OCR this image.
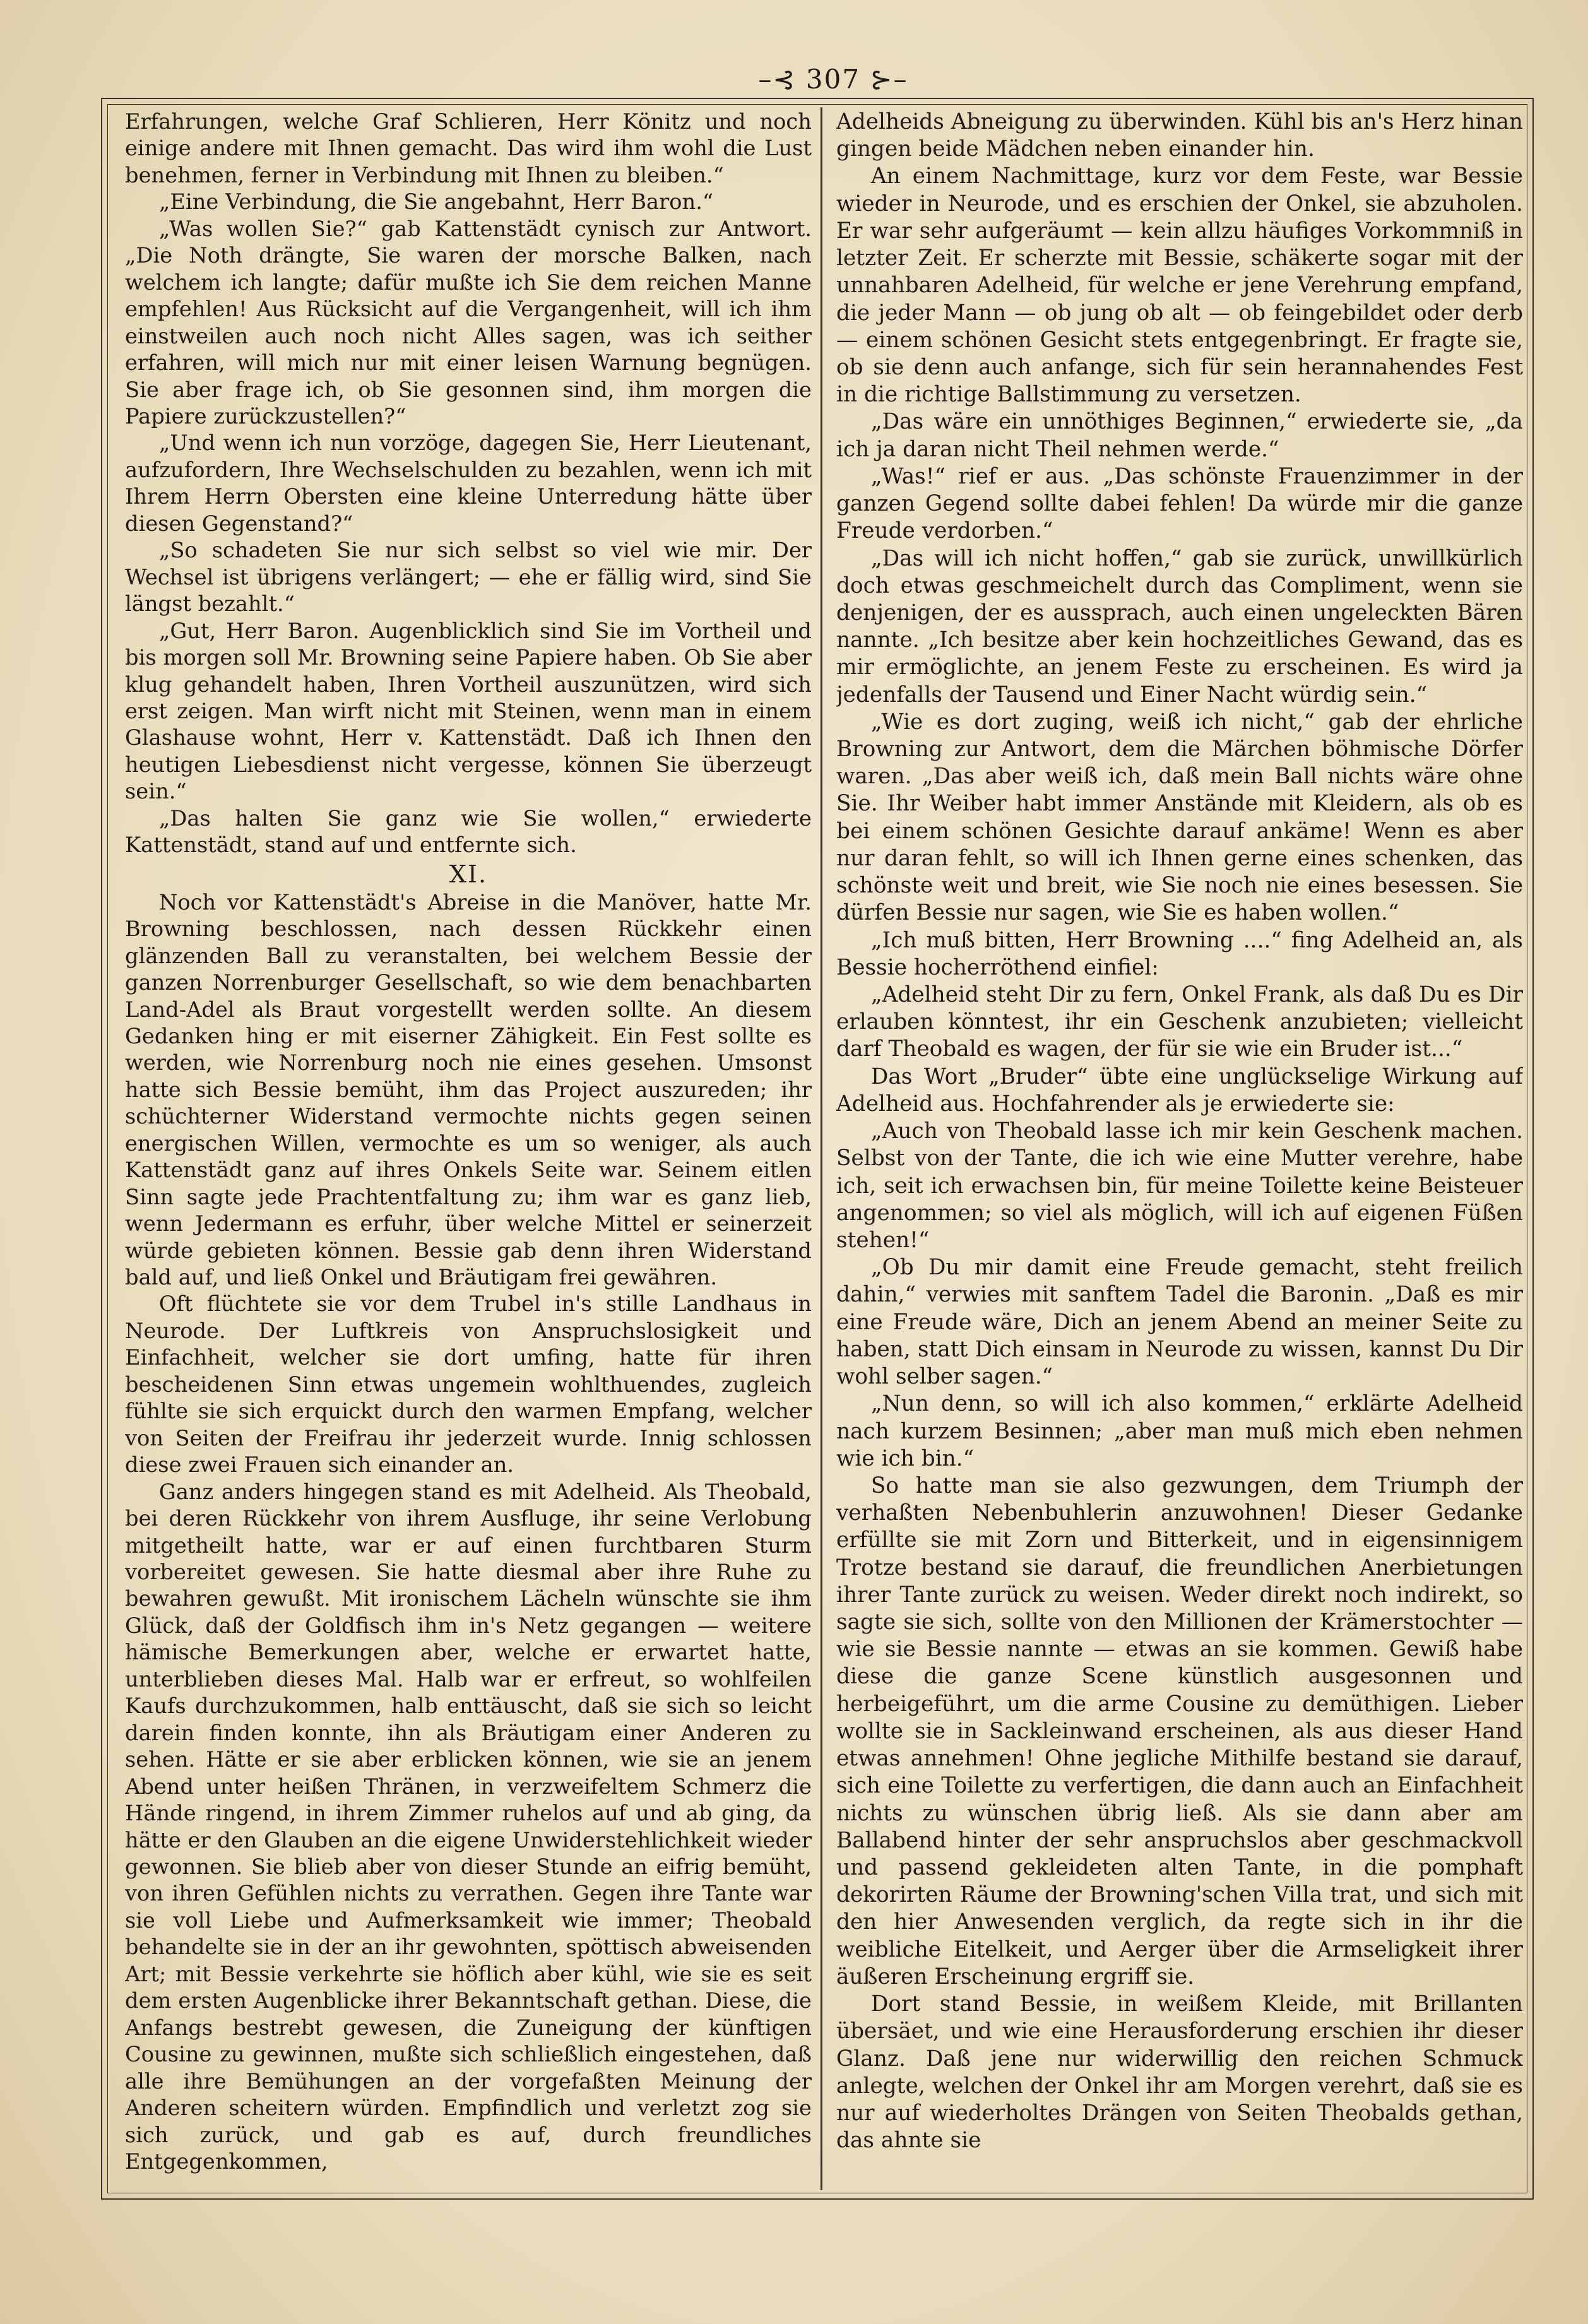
–⊰ 307 ⊱–

Erfahrungen, welche Graf Schlieren, Herr Könitz und noch einige andere mit Ihnen gemacht. Das wird ihm wohl die Lust benehmen, ferner in Verbindung mit Ihnen zu bleiben.“

„Eine Verbindung, die Sie angebahnt, Herr Baron.“

„Was wollen Sie?“ gab Kattenstädt cynisch zur Antwort. „Die Noth drängte, Sie waren der morsche Balken, nach welchem ich langte; dafür mußte ich Sie dem reichen Manne empfehlen! Aus Rücksicht auf die Vergangenheit, will ich ihm einstweilen auch noch nicht Alles sagen, was ich seither erfahren, will mich nur mit einer leisen Warnung begnügen. Sie aber frage ich, ob Sie gesonnen sind, ihm morgen die Papiere zurückzustellen?“

„Und wenn ich nun vorzöge, dagegen Sie, Herr Lieutenant, aufzufordern, Ihre Wechselschulden zu bezahlen, wenn ich mit Ihrem Herrn Obersten eine kleine Unterredung hätte über diesen Gegenstand?“

„So schadeten Sie nur sich selbst so viel wie mir. Der Wechsel ist übrigens verlängert; — ehe er fällig wird, sind Sie längst bezahlt.“

„Gut, Herr Baron. Augenblicklich sind Sie im Vortheil und bis morgen soll Mr. Browning seine Papiere haben. Ob Sie aber klug gehandelt haben, Ihren Vortheil auszunützen, wird sich erst zeigen. Man wirft nicht mit Steinen, wenn man in einem Glashause wohnt, Herr v. Kattenstädt. Daß ich Ihnen den heutigen Liebesdienst nicht vergesse, können Sie überzeugt sein.“

„Das halten Sie ganz wie Sie wollen,“ erwiederte Kattenstädt, stand auf und entfernte sich.

XI.

Noch vor Kattenstädt's Abreise in die Manöver, hatte Mr. Browning beschlossen, nach dessen Rückkehr einen glänzenden Ball zu veranstalten, bei welchem Bessie der ganzen Norrenburger Gesellschaft, so wie dem benachbarten Land-Adel als Braut vorgestellt werden sollte. An diesem Gedanken hing er mit eiserner Zähigkeit. Ein Fest sollte es werden, wie Norrenburg noch nie eines gesehen. Umsonst hatte sich Bessie bemüht, ihm das Project auszureden; ihr schüchterner Widerstand vermochte nichts gegen seinen energischen Willen, vermochte es um so weniger, als auch Kattenstädt ganz auf ihres Onkels Seite war. Seinem eitlen Sinn sagte jede Prachtentfaltung zu; ihm war es ganz lieb, wenn Jedermann es erfuhr, über welche Mittel er seinerzeit würde gebieten können. Bessie gab denn ihren Widerstand bald auf, und ließ Onkel und Bräutigam frei gewähren.

Oft flüchtete sie vor dem Trubel in's stille Landhaus in Neurode. Der Luftkreis von Anspruchslosigkeit und Einfachheit, welcher sie dort umfing, hatte für ihren bescheidenen Sinn etwas ungemein wohlthuendes, zugleich fühlte sie sich erquickt durch den warmen Empfang, welcher von Seiten der Freifrau ihr jederzeit wurde. Innig schlossen diese zwei Frauen sich einander an.

Ganz anders hingegen stand es mit Adelheid. Als Theobald, bei deren Rückkehr von ihrem Ausfluge, ihr seine Verlobung mitgetheilt hatte, war er auf einen furchtbaren Sturm vorbereitet gewesen. Sie hatte diesmal aber ihre Ruhe zu bewahren gewußt. Mit ironischem Lächeln wünschte sie ihm Glück, daß der Goldfisch ihm in's Netz gegangen — weitere hämische Bemerkungen aber, welche er erwartet hatte, unterblieben dieses Mal. Halb war er erfreut, so wohlfeilen Kaufs durchzukommen, halb enttäuscht, daß sie sich so leicht darein finden konnte, ihn als Bräutigam einer Anderen zu sehen. Hätte er sie aber erblicken können, wie sie an jenem Abend unter heißen Thränen, in verzweifeltem Schmerz die Hände ringend, in ihrem Zimmer ruhelos auf und ab ging, da hätte er den Glauben an die eigene Unwiderstehlichkeit wieder gewonnen. Sie blieb aber von dieser Stunde an eifrig bemüht, von ihren Gefühlen nichts zu verrathen. Gegen ihre Tante war sie voll Liebe und Aufmerksamkeit wie immer; Theobald behandelte sie in der an ihr gewohnten, spöttisch abweisenden Art; mit Bessie verkehrte sie höflich aber kühl, wie sie es seit dem ersten Augenblicke ihrer Bekanntschaft gethan. Diese, die Anfangs bestrebt gewesen, die Zuneigung der künftigen Cousine zu gewinnen, mußte sich schließlich eingestehen, daß alle ihre Bemühungen an der vorgefaßten Meinung der Anderen scheitern würden. Empfindlich und verletzt zog sie sich zurück, und gab es auf, durch freundliches Entgegenkommen,

Adelheids Abneigung zu überwinden. Kühl bis an's Herz hinan gingen beide Mädchen neben einander hin.

An einem Nachmittage, kurz vor dem Feste, war Bessie wieder in Neurode, und es erschien der Onkel, sie abzuholen. Er war sehr aufgeräumt — kein allzu häufiges Vorkommniß in letzter Zeit. Er scherzte mit Bessie, schäkerte sogar mit der unnahbaren Adelheid, für welche er jene Verehrung empfand, die jeder Mann — ob jung ob alt — ob feingebildet oder derb — einem schönen Gesicht stets entgegenbringt. Er fragte sie, ob sie denn auch anfange, sich für sein herannahendes Fest in die richtige Ballstimmung zu versetzen.

„Das wäre ein unnöthiges Beginnen,“ erwiederte sie, „da ich ja daran nicht Theil nehmen werde.“

„Was!“ rief er aus. „Das schönste Frauenzimmer in der ganzen Gegend sollte dabei fehlen! Da würde mir die ganze Freude verdorben.“

„Das will ich nicht hoffen,“ gab sie zurück, unwillkürlich doch etwas geschmeichelt durch das Compliment, wenn sie denjenigen, der es aussprach, auch einen ungeleckten Bären nannte. „Ich besitze aber kein hochzeitliches Gewand, das es mir ermöglichte, an jenem Feste zu erscheinen. Es wird ja jedenfalls der Tausend und Einer Nacht würdig sein.“

„Wie es dort zuging, weiß ich nicht,“ gab der ehrliche Browning zur Antwort, dem die Märchen böhmische Dörfer waren. „Das aber weiß ich, daß mein Ball nichts wäre ohne Sie. Ihr Weiber habt immer Anstände mit Kleidern, als ob es bei einem schönen Gesichte darauf ankäme! Wenn es aber nur daran fehlt, so will ich Ihnen gerne eines schenken, das schönste weit und breit, wie Sie noch nie eines besessen. Sie dürfen Bessie nur sagen, wie Sie es haben wollen.“

„Ich muß bitten, Herr Browning ....“ fing Adelheid an, als Bessie hocherröthend einfiel:

„Adelheid steht Dir zu fern, Onkel Frank, als daß Du es Dir erlauben könntest, ihr ein Geschenk anzubieten; vielleicht darf Theobald es wagen, der für sie wie ein Bruder ist...“

Das Wort „Bruder“ übte eine unglückselige Wirkung auf Adelheid aus. Hochfahrender als je erwiederte sie:

„Auch von Theobald lasse ich mir kein Geschenk machen. Selbst von der Tante, die ich wie eine Mutter verehre, habe ich, seit ich erwachsen bin, für meine Toilette keine Beisteuer angenommen; so viel als möglich, will ich auf eigenen Füßen stehen!“

„Ob Du mir damit eine Freude gemacht, steht freilich dahin,“ verwies mit sanftem Tadel die Baronin. „Daß es mir eine Freude wäre, Dich an jenem Abend an meiner Seite zu haben, statt Dich einsam in Neurode zu wissen, kannst Du Dir wohl selber sagen.“

„Nun denn, so will ich also kommen,“ erklärte Adelheid nach kurzem Besinnen; „aber man muß mich eben nehmen wie ich bin.“

So hatte man sie also gezwungen, dem Triumph der verhaßten Nebenbuhlerin anzuwohnen! Dieser Gedanke erfüllte sie mit Zorn und Bitterkeit, und in eigensinnigem Trotze bestand sie darauf, die freundlichen Anerbietungen ihrer Tante zurück zu weisen. Weder direkt noch indirekt, so sagte sie sich, sollte von den Millionen der Krämerstochter — wie sie Bessie nannte — etwas an sie kommen. Gewiß habe diese die ganze Scene künstlich ausgesonnen und herbeigeführt, um die arme Cousine zu demüthigen. Lieber wollte sie in Sackleinwand erscheinen, als aus dieser Hand etwas annehmen! Ohne jegliche Mithilfe bestand sie darauf, sich eine Toilette zu verfertigen, die dann auch an Einfachheit nichts zu wünschen übrig ließ. Als sie dann aber am Ballabend hinter der sehr anspruchslos aber geschmackvoll und passend gekleideten alten Tante, in die pomphaft dekorirten Räume der Browning'schen Villa trat, und sich mit den hier Anwesenden verglich, da regte sich in ihr die weibliche Eitelkeit, und Aerger über die Armseligkeit ihrer äußeren Erscheinung ergriff sie.

Dort stand Bessie, in weißem Kleide, mit Brillanten übersäet, und wie eine Herausforderung erschien ihr dieser Glanz. Daß jene nur widerwillig den reichen Schmuck anlegte, welchen der Onkel ihr am Morgen verehrt, daß sie es nur auf wiederholtes Drängen von Seiten Theobalds gethan, das ahnte sie
